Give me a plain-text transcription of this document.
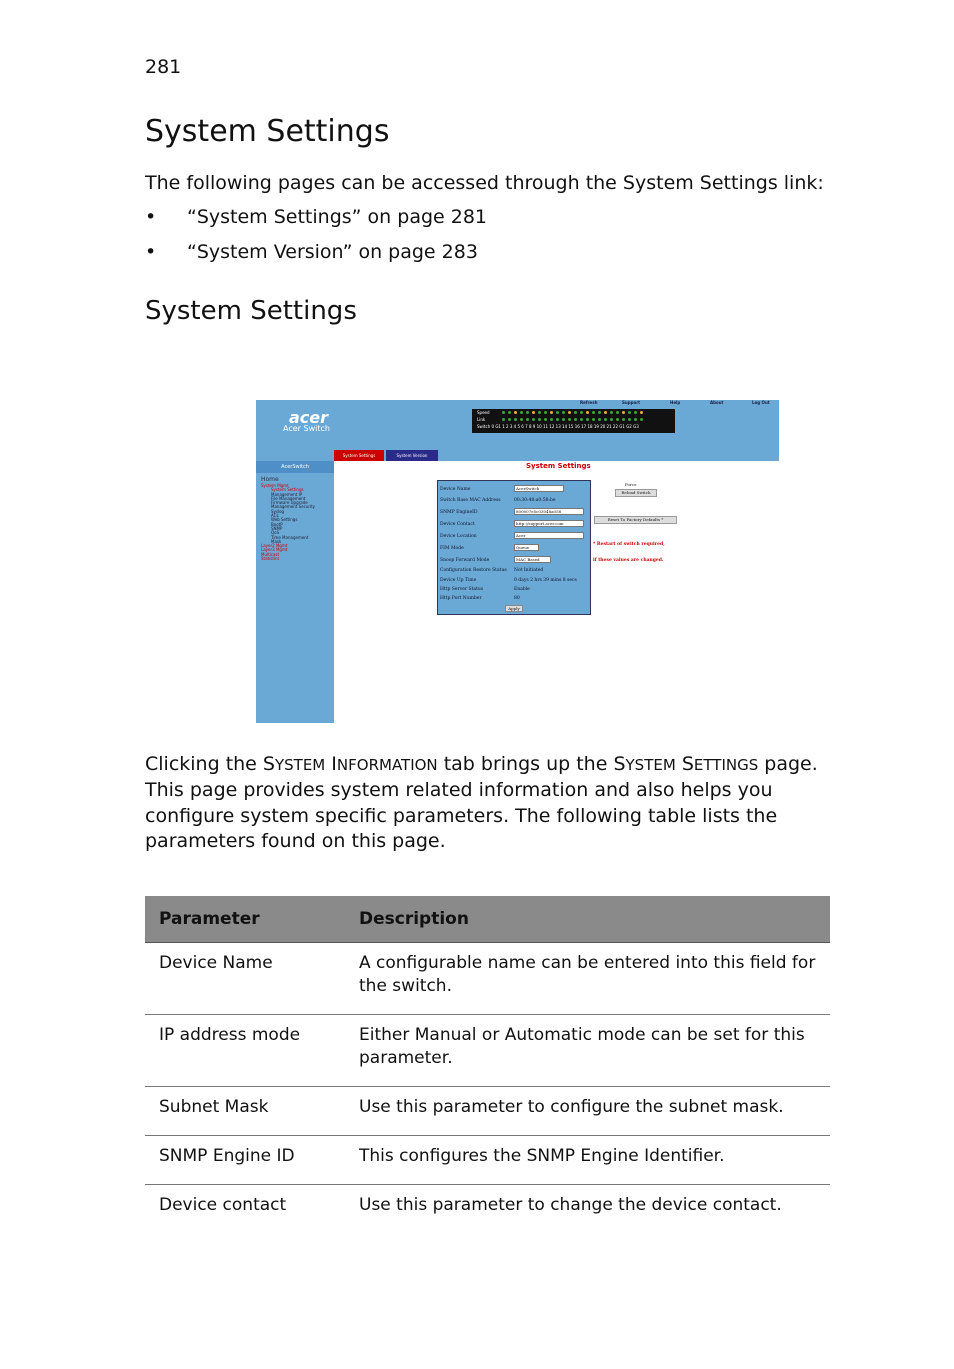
281
System Settings

The following pages can be accessed through the System Settings link:

•	“System Settings” on page 281
•	“System Version” on page 283
System Settings
acer
Acer Switch
Refresh	Support	Help	About	Log Out
Speed
Link
Switch 0 G1 1 2 3 4 5 6 7 8 9 10 11 12 13 14 15 16 17 18 19 20 21 22 G1 G2 G3
System Settings	System Version
AcerSwitch
Home
System Mgmt
System Settings
Management IP
File Management
Firmware Upgrade
Management Security
Syslog
ACL
Web Settings
BootP
SNMP
QoS
Time Management
Mask
Layer2 Mgmt
Layer3 Mgmt
Multicast
Statistics
System Settings
Device Name	AcerSwitch
Switch Base MAC Address	00:30:48:a0:58:be
SNMP EngineID	800007e5c03048a058
Device Contact	http://support.acer.com
Device Location	Acer
FIM Mode	Queue
Snoop Forward Mode	MAC Based
Configuration Restore Status Not Initiated
Device Up Time	0 days 2 hrs 39 mins 8 secs
Http Server Status	Enable
Http Port Number	80
Apply
Force
Reload Switch
Reset To Factory Defaults *
* Restart of switch required,
if these values are changed.

Clicking the SYSTEM INFORMATION tab brings up the SYSTEM SETTINGS page. This page provides system related information and also helps you configure system specific parameters. The following table lists the parameters found on this page.

Parameter	Description
Device Name	A configurable name can be entered into this field for the switch.
IP address mode	Either Manual or Automatic mode can be set for this parameter.
Subnet Mask	Use this parameter to configure the subnet mask.
SNMP Engine ID	This configures the SNMP Engine Identifier.
Device contact	Use this parameter to change the device contact.
